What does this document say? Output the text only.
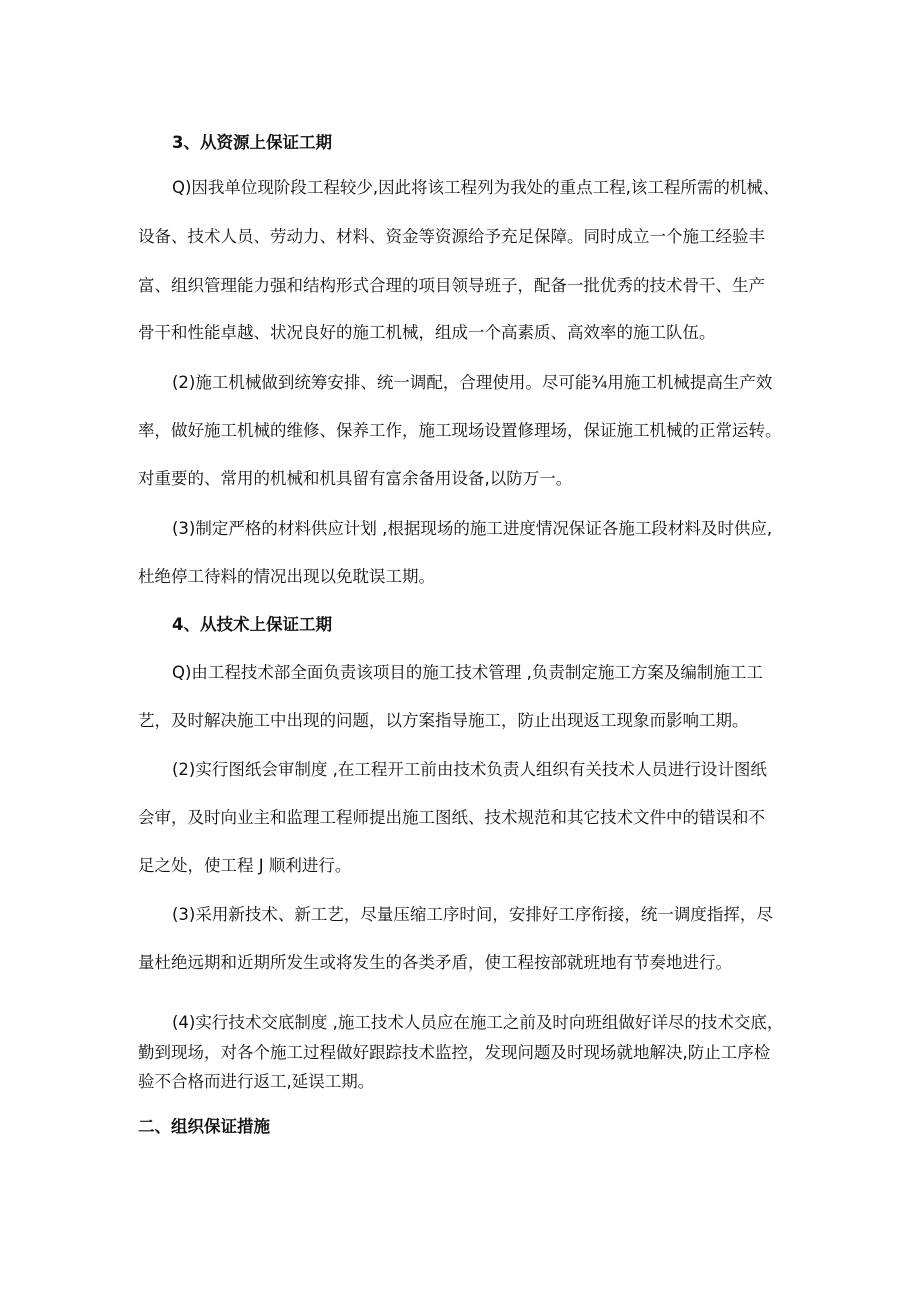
3、从资源上保证工期
Q)因我单位现阶段工程较少,因此将该工程列为我处的重点工程,该工程所需的机械、
设备、技术人员、劳动力、材料、资金等资源给予充足保障。同时成立一个施工经验丰
富、组织管理能力强和结构形式合理的项目领导班子，配备一批优秀的技术骨干、生产
骨干和性能卓越、状况良好的施工机械，组成一个高素质、高效率的施工队伍。
(2)施工机械做到统筹安排、统一调配，合理使用。尽可能¾用施工机械提高生产效
率，做好施工机械的维修、保养工作，施工现场设置修理场，保证施工机械的正常运转。
对重要的、常用的机械和机具留有富余备用设备,以防万一。
(3)制定严格的材料供应计划 ,根据现场的施工进度情况保证各施工段材料及时供应,
杜绝停工待料的情况出现以免耽误工期。
4、从技术上保证工期
Q)由工程技术部全面负责该项目的施工技术管理 ,负责制定施工方案及编制施工工
艺，及时解决施工中出现的问题，以方案指导施工，防止出现返工现象而影响工期。
(2)实行图纸会审制度 ,在工程开工前由技术负责人组织有关技术人员进行设计图纸
会审，及时向业主和监理工程师提出施工图纸、技术规范和其它技术文件中的错误和不
足之处，使工程 J 顺利进行。
(3)采用新技术、新工艺，尽量压缩工序时间，安排好工序衔接，统一调度指挥，尽
量杜绝远期和近期所发生或将发生的各类矛盾，使工程按部就班地有节奏地进行。
(4)实行技术交底制度 ,施工技术人员应在施工之前及时向班组做好详尽的技术交底，
勤到现场，对各个施工过程做好跟踪技术监控，发现问题及时现场就地解决,防止工序检
验不合格而进行返工,延误工期。
二、组织保证措施
